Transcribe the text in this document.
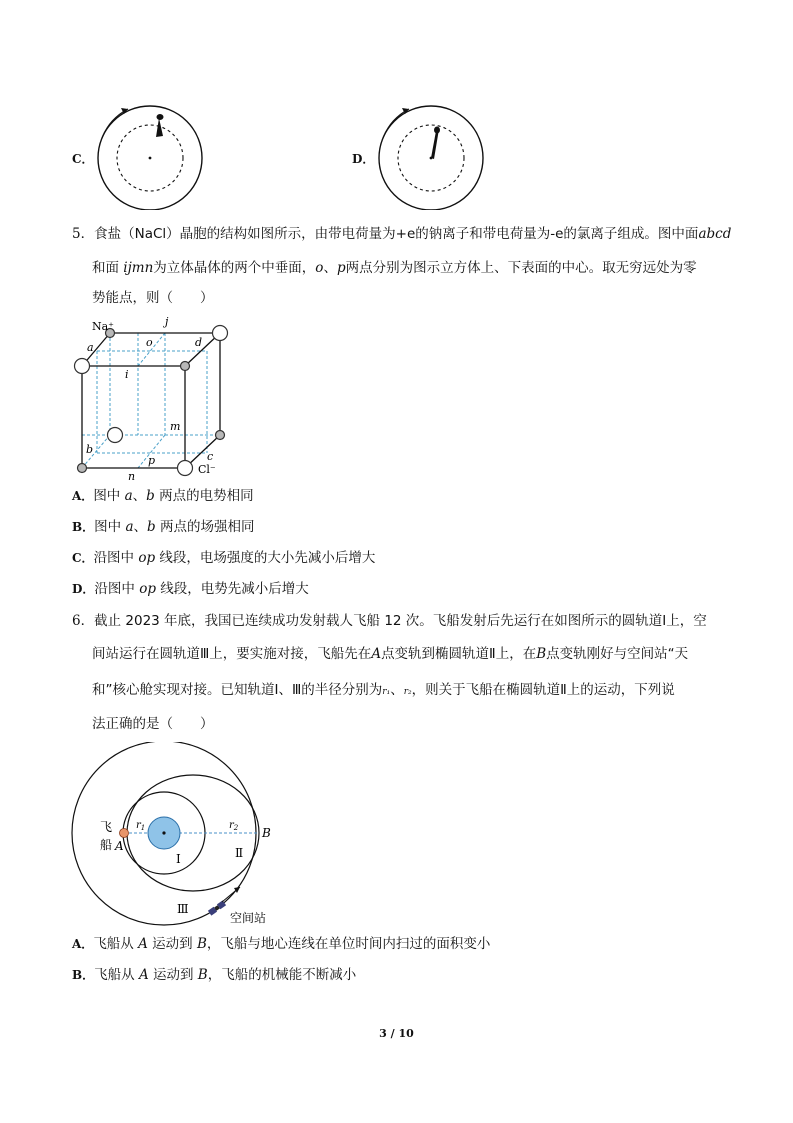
C．	D．
5．食盐（NaCl）晶胞的结构如图所示，由带电荷量为+e的钠离子和带电荷量为-e的氯离子组成。图中面abcd
和面 ijmn为立体晶体的两个中垂面，o、p两点分别为图示立方体上、下表面的中心。取无穷远处为零
势能点，则（　　）
Na⁺
Cl⁻
a
b
c
d
i
j
m
n
o
p
A．图中 a、b 两点的电势相同
B．图中 a、b 两点的场强相同
C．沿图中 op 线段，电场强度的大小先减小后增大
D．沿图中 op 线段，电势先减小后增大
6．截止 2023 年底，我国已连续成功发射载人飞船 12 次。飞船发射后先运行在如图所示的圆轨道Ⅰ上，空
间站运行在圆轨道Ⅲ上，要实施对接，飞船先在A点变轨到椭圆轨道Ⅱ上，在B点变轨刚好与空间站“天
和”核心舱实现对接。已知轨道Ⅰ、Ⅲ的半径分别为r₁、r₂，则关于飞船在椭圆轨道Ⅱ上的运动，下列说
法正确的是（　　）
飞
船 A
B
$r_1$	$r_2$
Ⅰ	Ⅱ
Ⅲ
空间站
A．飞船从 A 运动到 B，飞船与地心连线在单位时间内扫过的面积变小
B．飞船从 A 运动到 B，飞船的机械能不断减小
3 / 10
